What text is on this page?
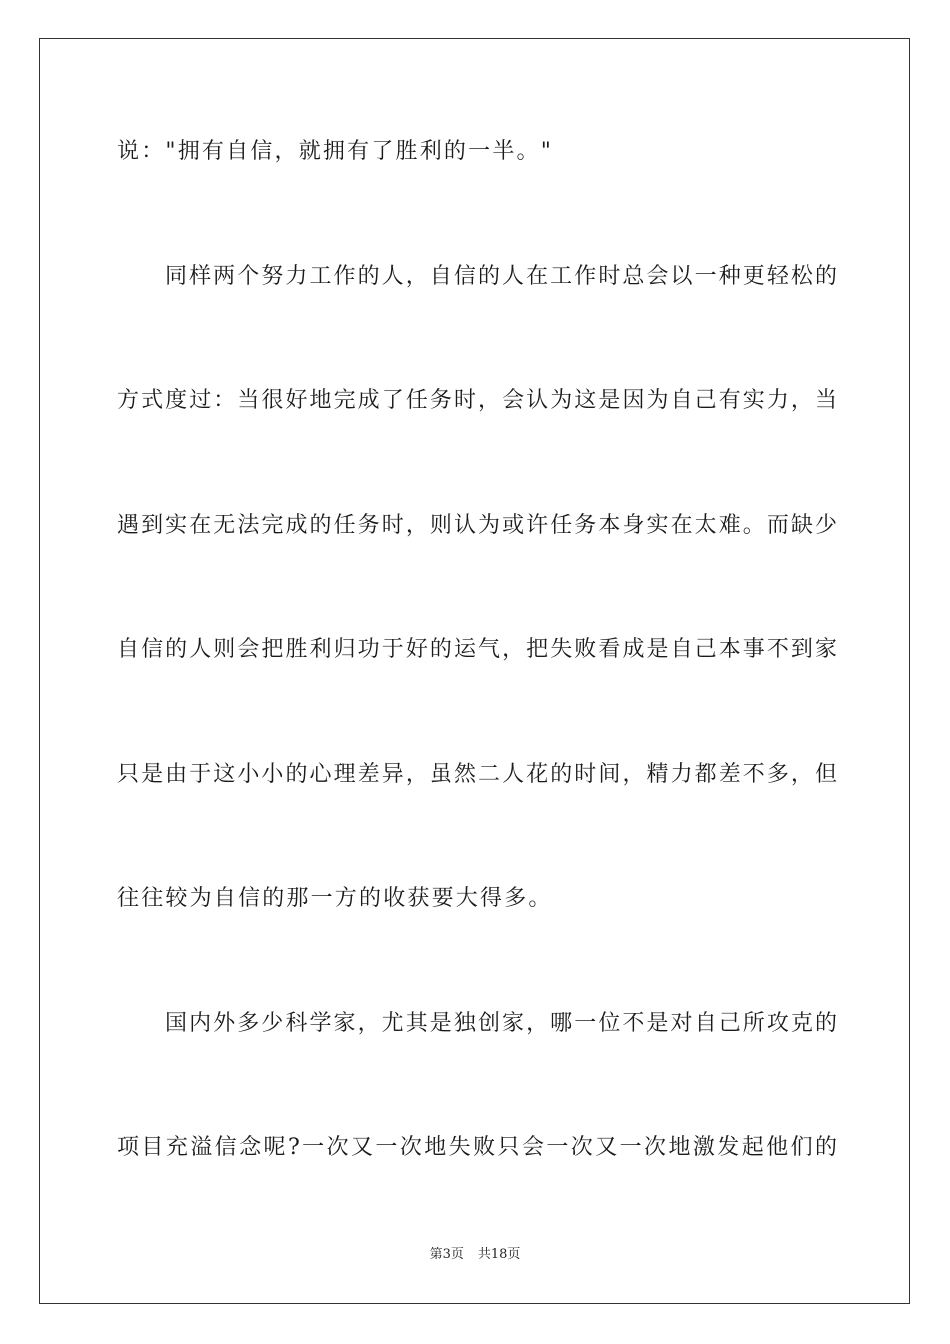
说："拥有自信，就拥有了胜利的一半。"
同样两个努力工作的人，自信的人在工作时总会以一种更轻松的
方式度过：当很好地完成了任务时，会认为这是因为自己有实力，当
遇到实在无法完成的任务时，则认为或许任务本身实在太难。而缺少
自信的人则会把胜利归功于好的运气，把失败看成是自己本事不到家
只是由于这小小的心理差异，虽然二人花的时间，精力都差不多，但
往往较为自信的那一方的收获要大得多。
国内外多少科学家，尤其是独创家，哪一位不是对自己所攻克的
项目充溢信念呢?一次又一次地失败只会一次又一次地激发起他们的
第3页 共18页
